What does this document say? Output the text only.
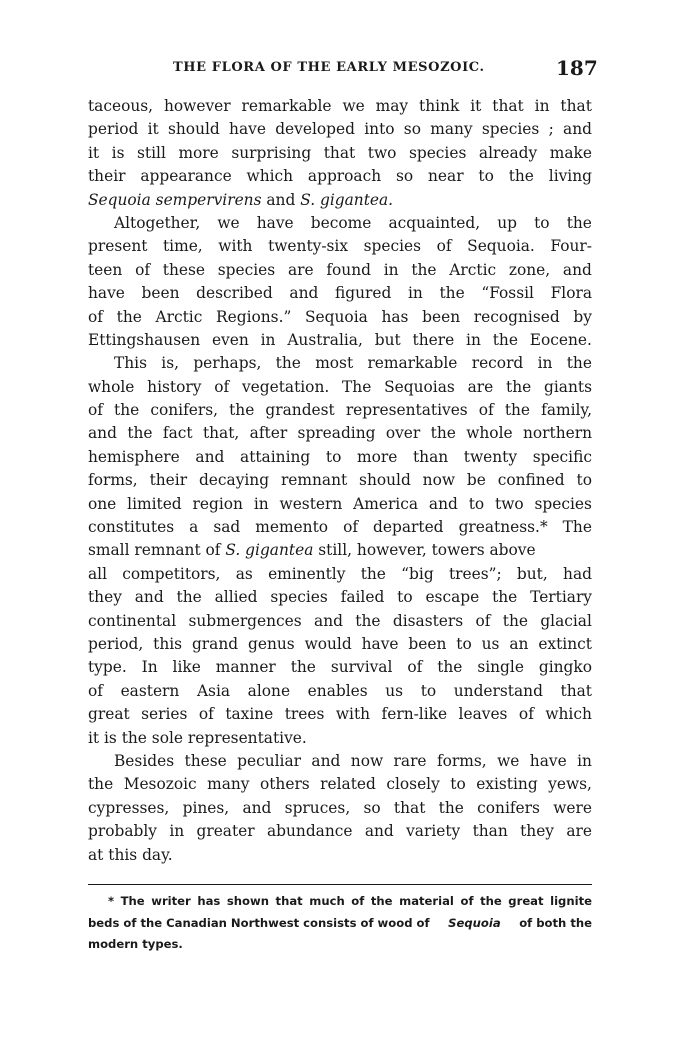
THE FLORA OF THE EARLY MESOZOIC.	187
taceous, however remarkable we may think it that in that
period it should have developed into so many species ; and
it is still more surprising that two species already make
their appearance which approach so near to the living
Sequoia sempervirens and S. gigantea.
Altogether, we have become acquainted, up to the
present time, with twenty-six species of Sequoia. Four-
teen of these species are found in the Arctic zone, and
have been described and figured in the “Fossil Flora
of the Arctic Regions.” Sequoia has been recognised by
Ettingshausen even in Australia, but there in the Eocene.
This is, perhaps, the most remarkable record in the
whole history of vegetation. The Sequoias are the giants
of the conifers, the grandest representatives of the family,
and the fact that, after spreading over the whole northern
hemisphere and attaining to more than twenty specific
forms, their decaying remnant should now be confined to
one limited region in western America and to two species
constitutes a sad memento of departed greatness.* The
small remnant of S. gigantea still, however, towers above
all competitors, as eminently the “big trees”; but, had
they and the allied species failed to escape the Tertiary
continental submergences and the disasters of the glacial
period, this grand genus would have been to us an extinct
type. In like manner the survival of the single gingko
of eastern Asia alone enables us to understand that
great series of taxine trees with fern-like leaves of which
it is the sole representative.
Besides these peculiar and now rare forms, we have in
the Mesozoic many others related closely to existing yews,
cypresses, pines, and spruces, so that the conifers were
probably in greater abundance and variety than they are
at this day.
* The writer has shown that much of the material of the great lignite
beds of the Canadian Northwest consists of wood of Sequoia of both the
modern types.
